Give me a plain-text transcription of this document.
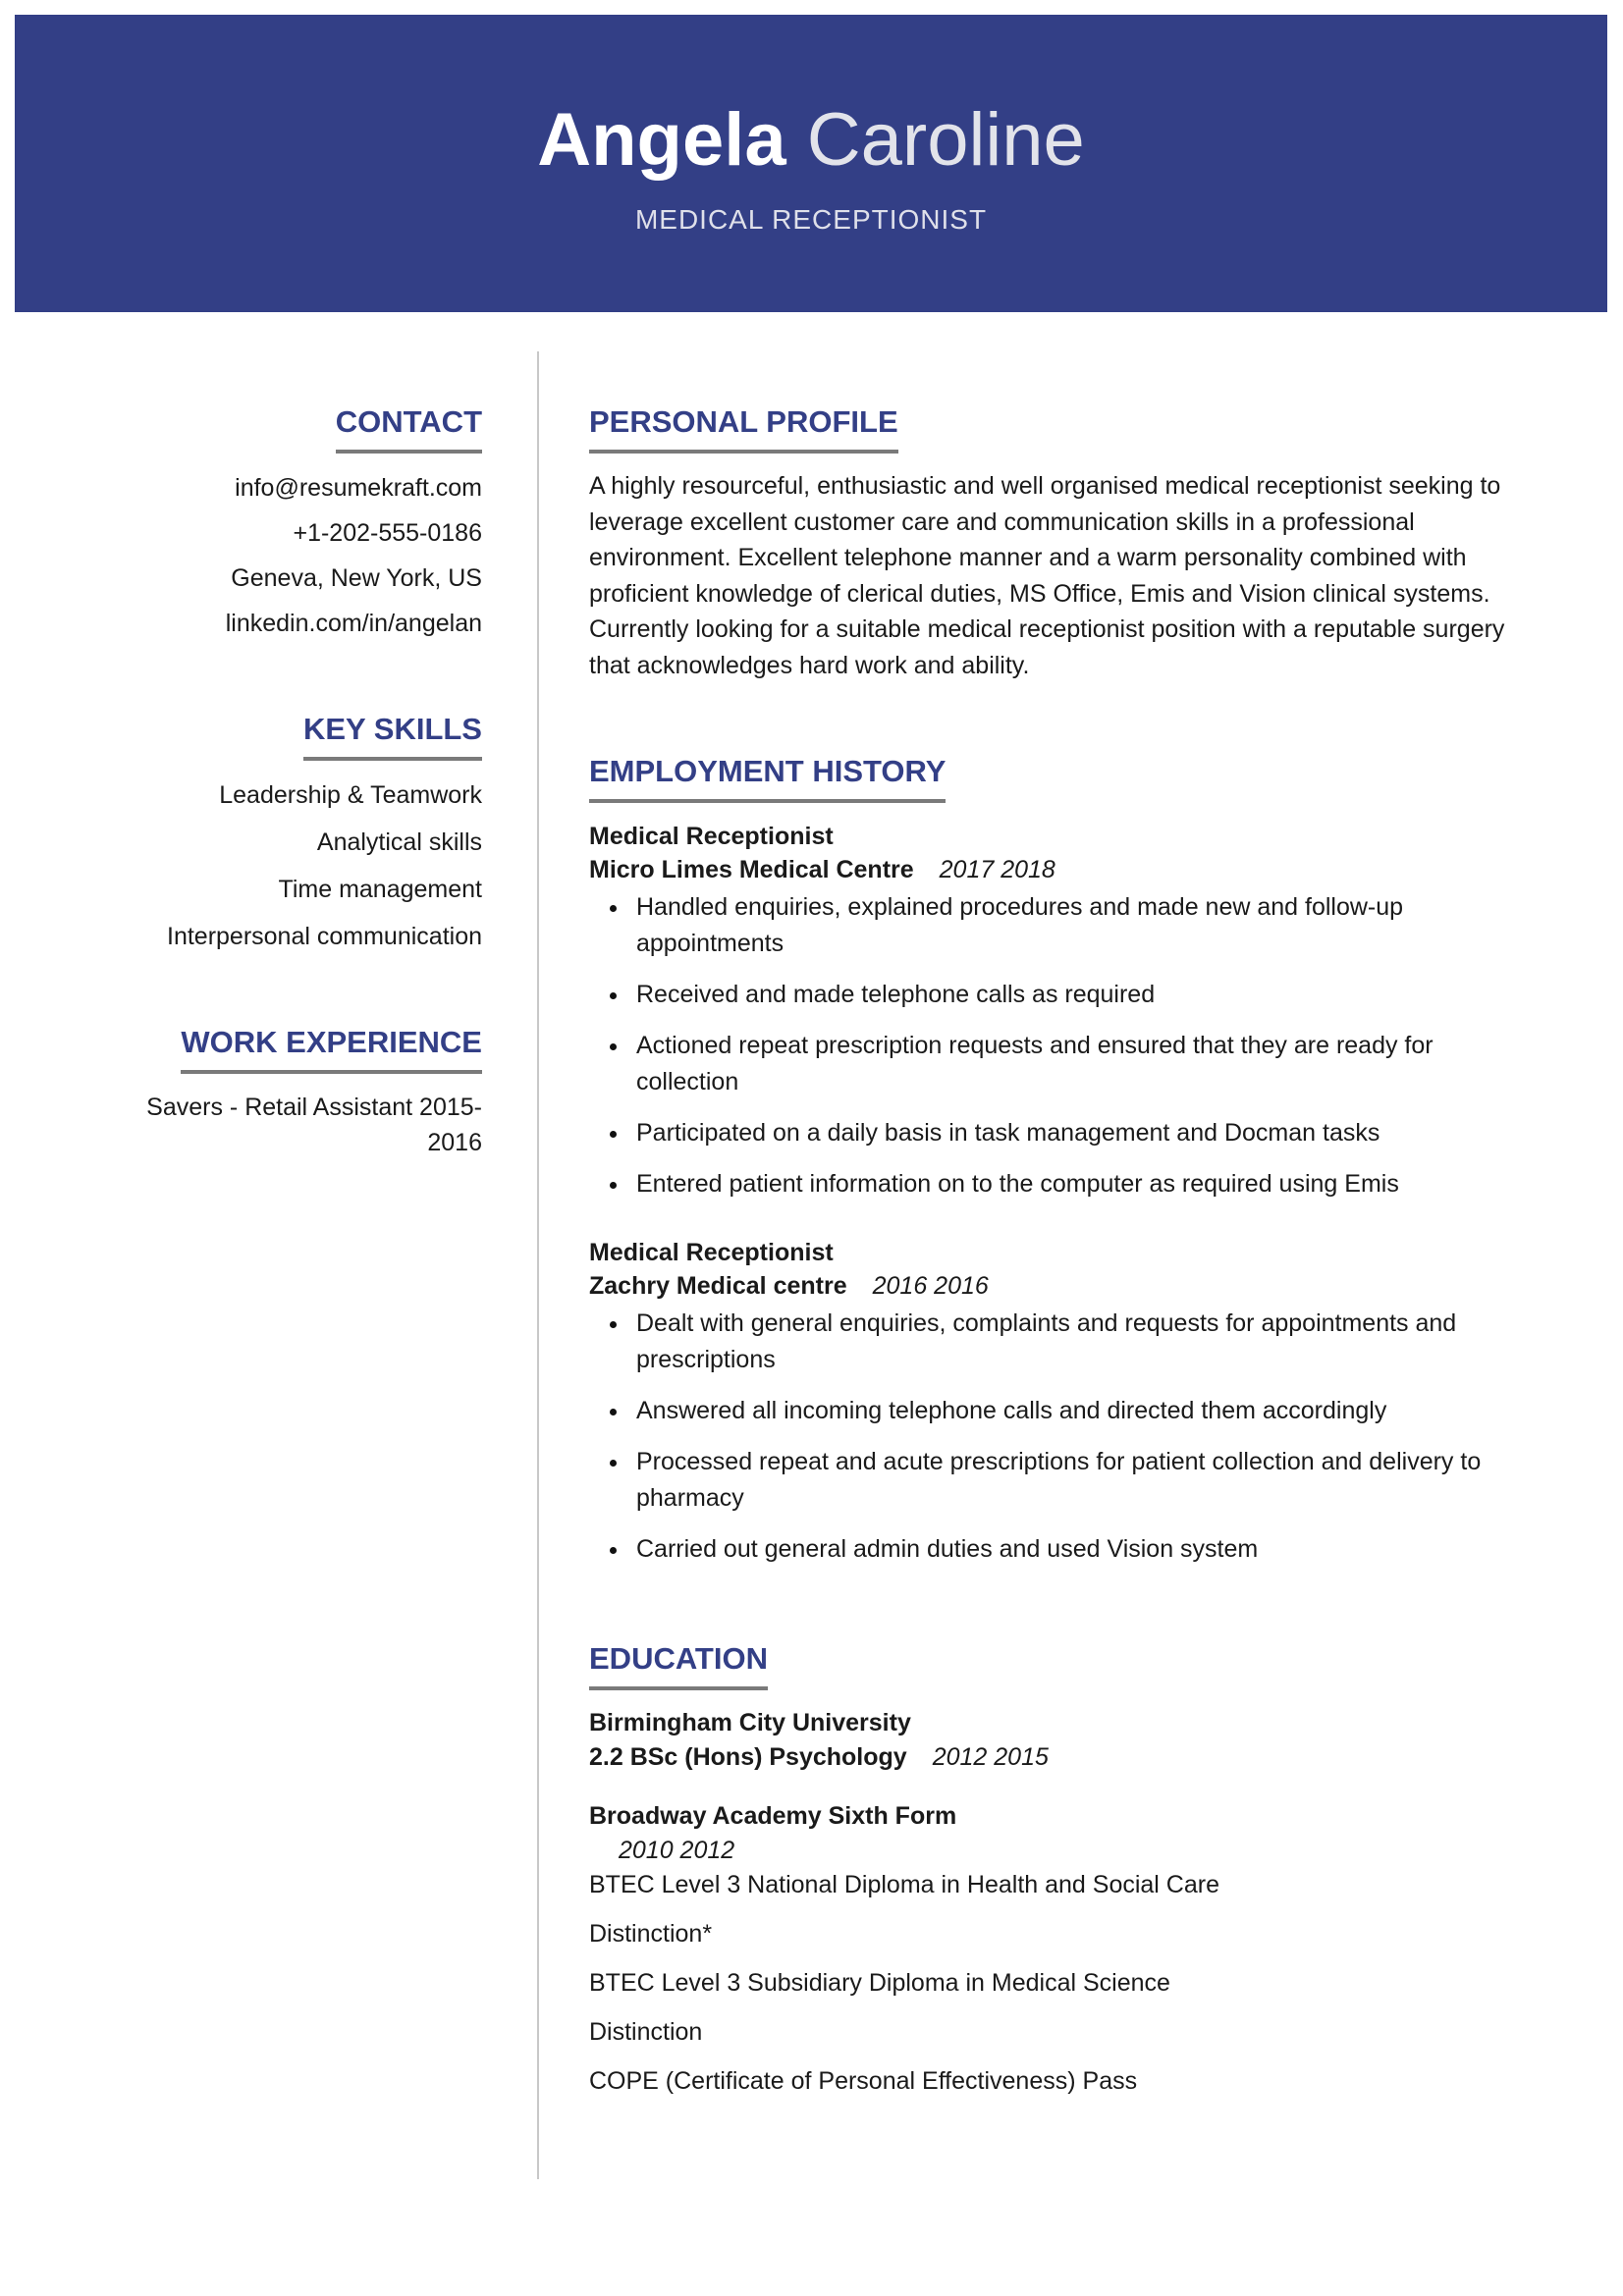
Angela Caroline
MEDICAL RECEPTIONIST
CONTACT
info@resumekraft.com
+1-202-555-0186
Geneva, New York, US
linkedin.com/in/angelan
KEY SKILLS
Leadership & Teamwork
Analytical skills
Time management
Interpersonal communication
WORK EXPERIENCE
Savers - Retail Assistant 2015-2016
PERSONAL PROFILE
A highly resourceful, enthusiastic and well organised medical receptionist seeking to leverage excellent customer care and communication skills in a professional environment. Excellent telephone manner and a warm personality combined with proficient knowledge of clerical duties, MS Office, Emis and Vision clinical systems. Currently looking for a suitable medical receptionist position with a reputable surgery that acknowledges hard work and ability.
EMPLOYMENT HISTORY
Medical Receptionist
Micro Limes Medical Centre 2017 2018
Handled enquiries, explained procedures and made new and follow-up appointments
Received and made telephone calls as required
Actioned repeat prescription requests and ensured that they are ready for collection
Participated on a daily basis in task management and Docman tasks
Entered patient information on to the computer as required using Emis
Medical Receptionist
Zachry Medical centre 2016 2016
Dealt with general enquiries, complaints and requests for appointments and prescriptions
Answered all incoming telephone calls and directed them accordingly
Processed repeat and acute prescriptions for patient collection and delivery to pharmacy
Carried out general admin duties and used Vision system
EDUCATION
Birmingham City University
2.2 BSc (Hons) Psychology 2012 2015
Broadway Academy Sixth Form
2010 2012
BTEC Level 3 National Diploma in Health and Social Care
Distinction*
BTEC Level 3 Subsidiary Diploma in Medical Science
Distinction
COPE (Certificate of Personal Effectiveness) Pass
